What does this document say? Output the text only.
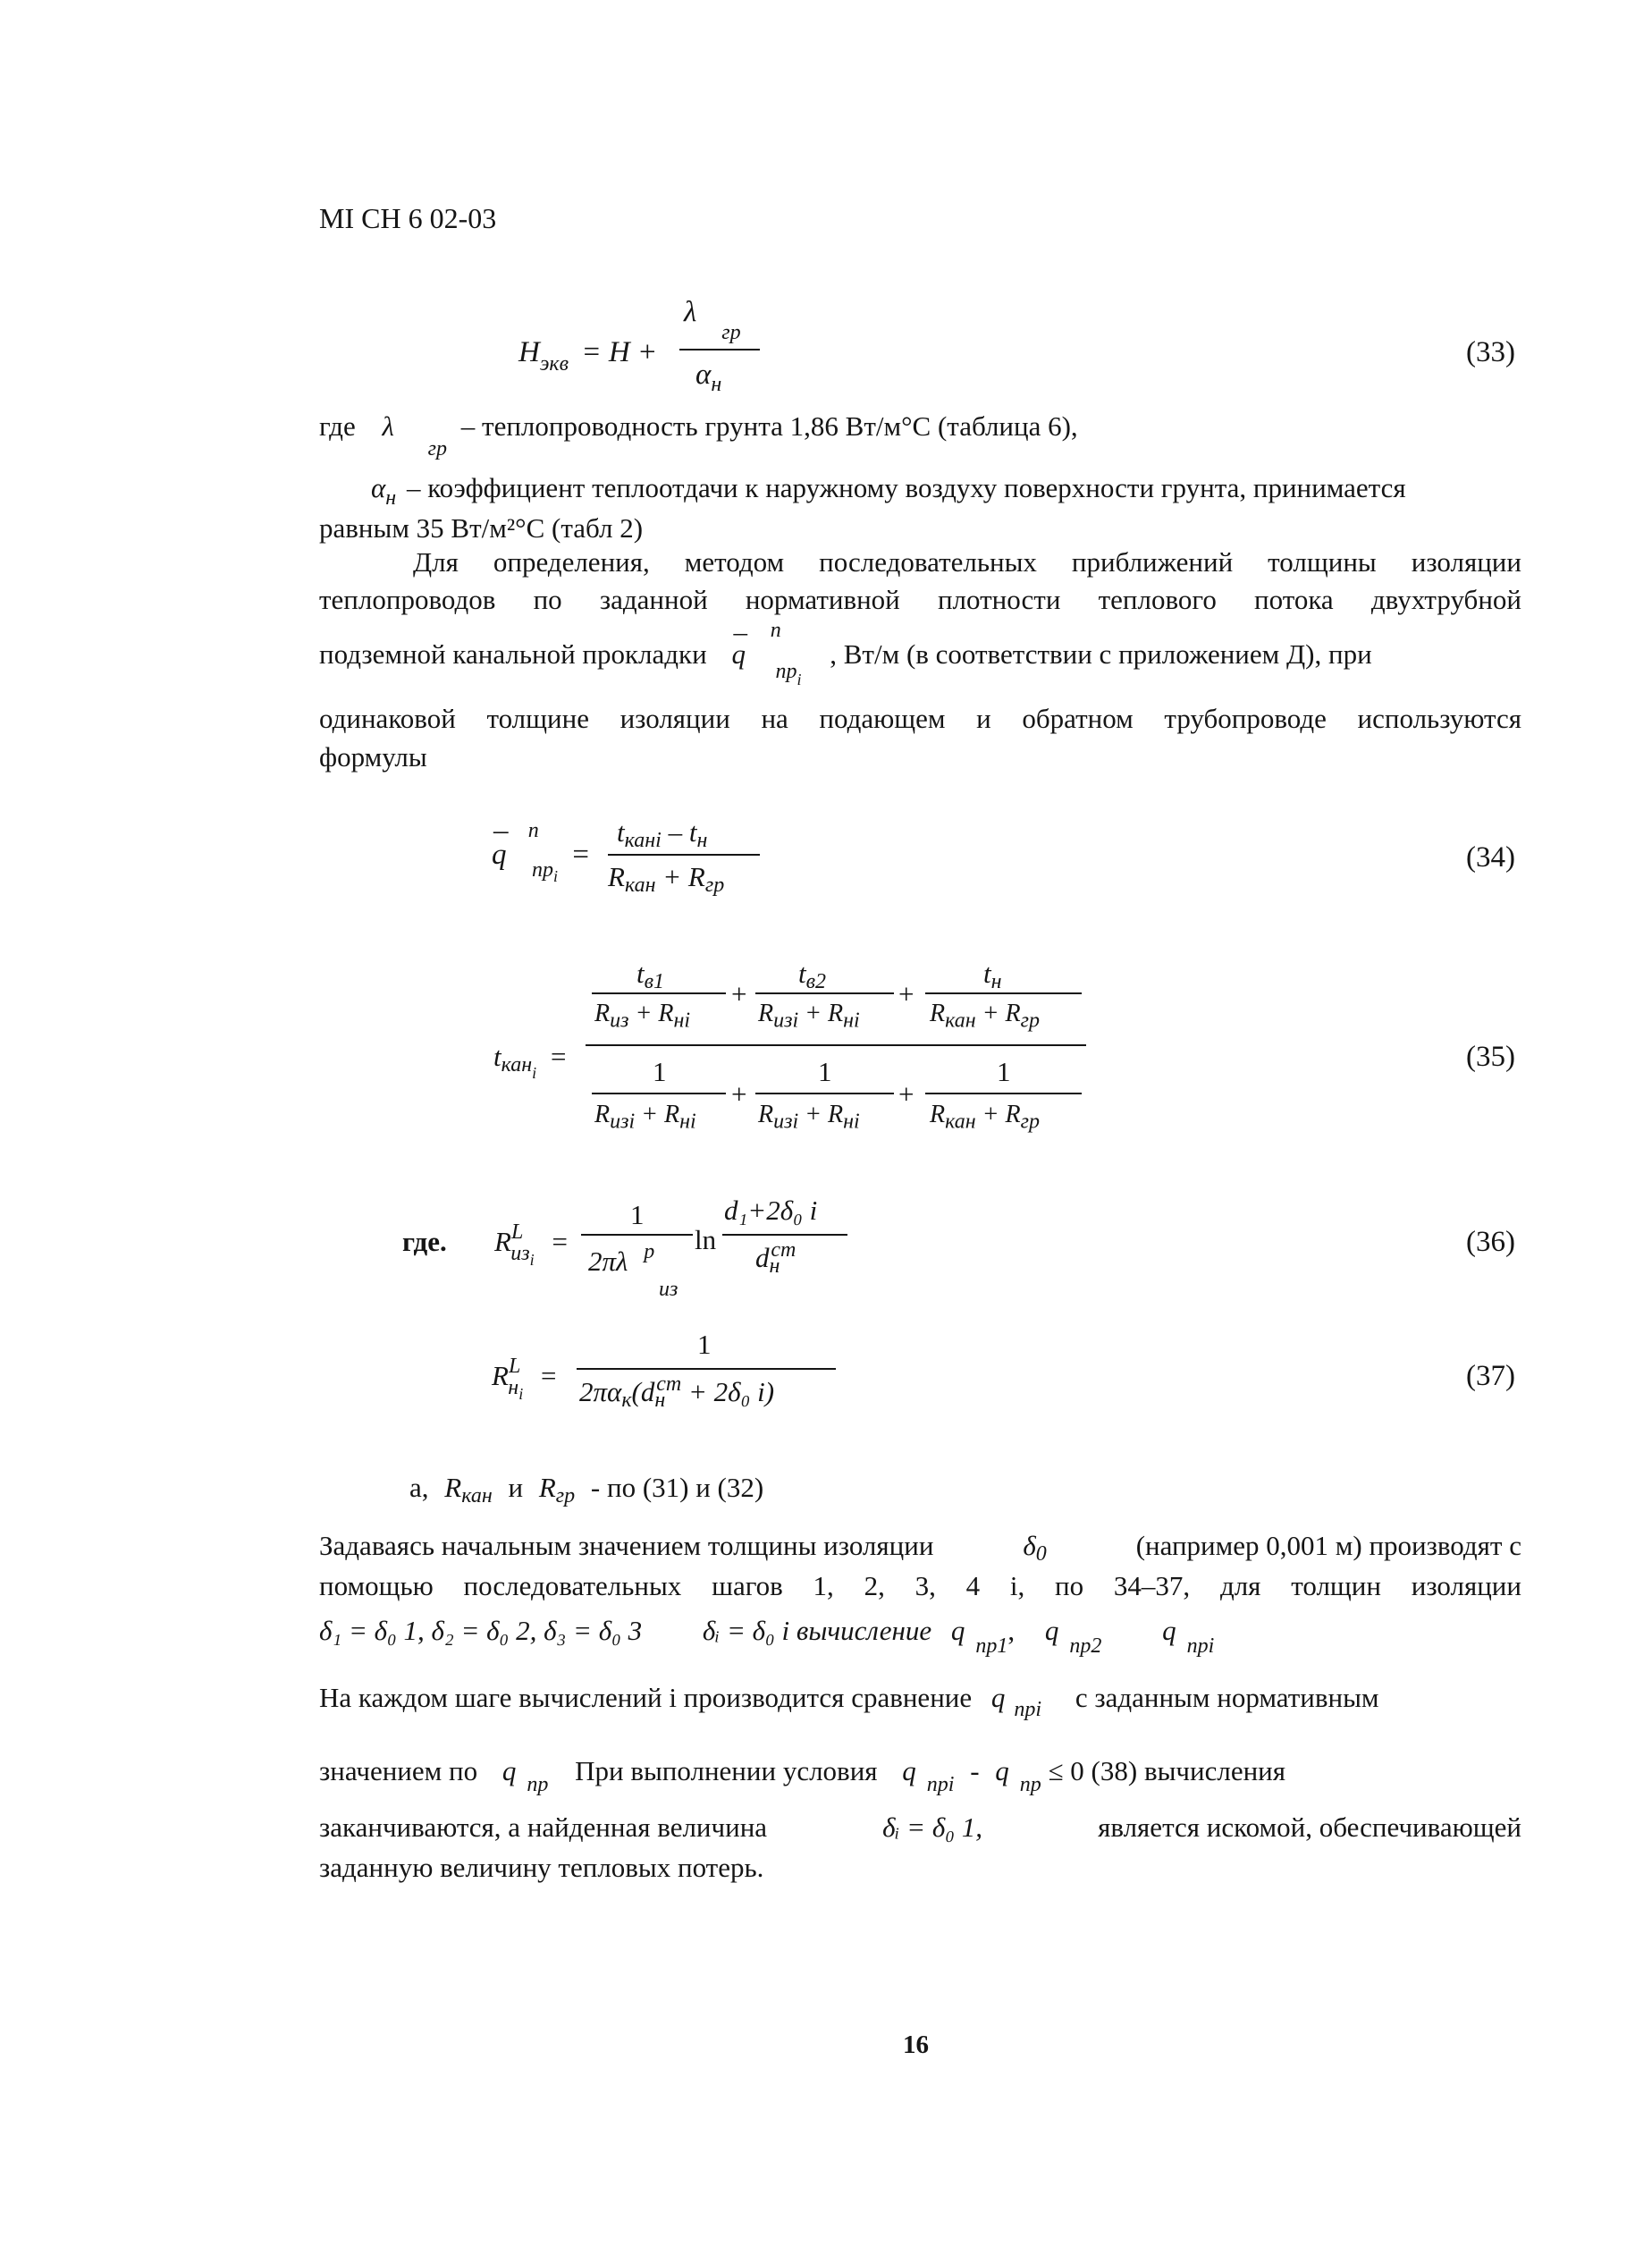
МI СН 6 02-03
$H_{экв} = H$ +
$\lambda_{гр}$
$\alpha_н$
(33)
где λ $_{гр}$ – теплопроводность грунта 1,86 Вт/м°С (таблица 6),
$\alpha_н$ – коэффициент теплоотдачи к наружному воздуху поверхности грунта, принимается
равным 35 Вт/м²°С (табл 2)
Для определения, методом последовательных приближений толщины изоляции
теплопроводов по заданной нормативной плотности теплового потока двухтрубной
подземной канальной прокладки q
– $^n$ $_{прi}$ , Вт/м (в соответствии с приложением Д), при
одинаковой толщине изоляции на подающем и обратном трубопроводе используются
формулы
q
– $^n$ $_{прi}$ =
tкані – tн
Rкан + Rгр
(34)
tкан$_i$ =
tв1
$R_{из} + R_{нi}$
+
tв2
$R_{изi} + R_{нi}$
+
tн
$R_{кан} + R_{гр}$
1
$R_{изi} + R_{нi}$
+
1
$R_{изi} + R_{нi}$
+
1
$R_{кан} + R_{гр}$
(35)
где. $R^L_{изi}$ =
1
2πλ $^p$
из
ln
d₁+2δ₀ i
$dн^{cm}$	(36)
$R^L_{нi}$ =
1
$2\pi\alpha к(dн^{cm} + 2\delta_0$ i)	(37)
а, Rкан и Rгр - по (31) и (32)
Задаваясь начальным значением толщины изоляции	δ0	(например 0,001 м) производят с
помощью последовательных шагов 1, 2, 3, 4 i, по 34–37, для толщин изоляции
δ₁ = δ₀ 1, δ₂ = δ₀ 2, δ₃ = δ₀ 3 δᵢ = δ₀ i вычисление q $_{пр1}$, q $_{пр2}$ q $_{прi}$
На каждом шаге вычислений i производится сравнение q $_{прi}$ с заданным нормативным
значением по q $_{пр}$ При выполнении условия q $_{прi}$ - q $_{пр}$ ≤ 0 (38) вычисления
заканчиваются, а найденная величина	δᵢ = δ₀ 1,	является искомой, обеспечивающей
заданную величину тепловых потерь.
16
